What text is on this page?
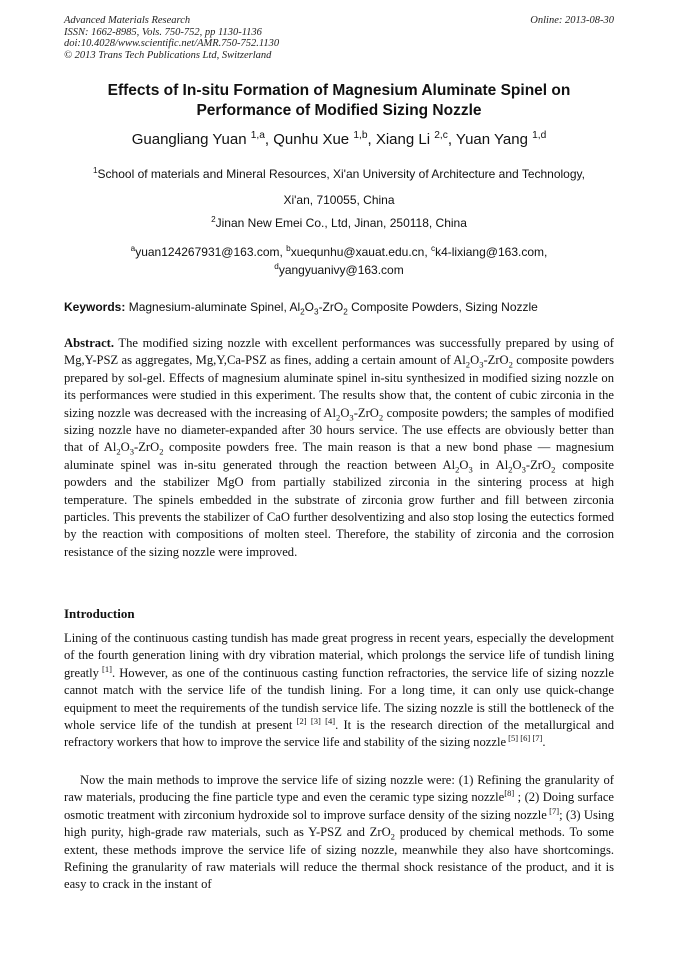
Advanced Materials Research
ISSN: 1662-8985, Vols. 750-752, pp 1130-1136
doi:10.4028/www.scientific.net/AMR.750-752.1130
© 2013 Trans Tech Publications Ltd, Switzerland
Online: 2013-08-30
Effects of In-situ Formation of Magnesium Aluminate Spinel on
Performance of Modified Sizing Nozzle
Guangliang Yuan $^{1,a}$, Qunhu Xue $^{1,b}$, Xiang Li $^{2,c}$, Yuan Yang $^{1,d}$
$^1$School of materials and Mineral Resources, Xi'an University of Architecture and Technology,
Xi'an, 710055, China
$^2$Jinan New Emei Co., Ltd, Jinan, 250118, China
$^a$yuan124267931@163.com, $^b$xuequnhu@xauat.edu.cn, $^c$k4-lixiang@163.com,
$^d$yangyuanivy@163.com
Keywords: Magnesium-aluminate Spinel, $Al_2O_3-ZrO_2$ Composite Powders, Sizing Nozzle
Abstract. The modified sizing nozzle with excellent performances was successfully prepared by using of Mg,Y-PSZ as aggregates, Mg,Y,Ca-PSZ as fines, adding a certain amount of $Al_2O_3-ZrO_2$ composite powders prepared by sol-gel. Effects of magnesium aluminate spinel in-situ synthesized in modified sizing nozzle on its performances were studied in this experiment. The results show that, the content of cubic zirconia in the sizing nozzle was decreased with the increasing of $Al_2O_3-ZrO_2$ composite powders; the samples of modified sizing nozzle have no diameter-expanded after 30 hours service. The use effects are obviously better than that of $Al_2O_3-ZrO_2$ composite powders free. The main reason is that a new bond phase — magnesium aluminate spinel was in-situ generated through the reaction between $Al_2O_3$ in $Al_2O_3-ZrO_2$ composite powders and the stabilizer MgO from partially stabilized zirconia in the sintering process at high temperature. The spinels embedded in the substrate of zirconia grow further and fill between zirconia particles. This prevents the stabilizer of CaO further desolventizing and also stop losing the eutectics formed by the reaction with compositions of molten steel. Therefore, the stability of zirconia and the corrosion resistance of the sizing nozzle were improved.
Introduction
Lining of the continuous casting tundish has made great progress in recent years, especially the development of the fourth generation lining with dry vibration material, which prolongs the service life of tundish lining greatly [1]. However, as one of the continuous casting function refractories, the service life of sizing nozzle cannot match with the service life of the tundish lining. For a long time, it can only use quick-change equipment to meet the requirements of the tundish service life. The sizing nozzle is still the bottleneck of the whole service life of the tundish at present [2] [3] [4]. It is the research direction of the metallurgical and refractory workers that how to improve the service life and stability of the sizing nozzle [5] [6] [7].
Now the main methods to improve the service life of sizing nozzle were: (1) Refining the granularity of raw materials, producing the fine particle type and even the ceramic type sizing nozzle[8] ; (2) Doing surface osmotic treatment with zirconium hydroxide sol to improve surface density of the sizing nozzle [7]; (3) Using high purity, high-grade raw materials, such as Y-PSZ and ZrO$_2$ produced by chemical methods. To some extent, these methods improve the service life of sizing nozzle, meanwhile they also have shortcomings. Refining the granularity of raw materials will reduce the thermal shock resistance of the product, and it is easy to crack in the instant of
